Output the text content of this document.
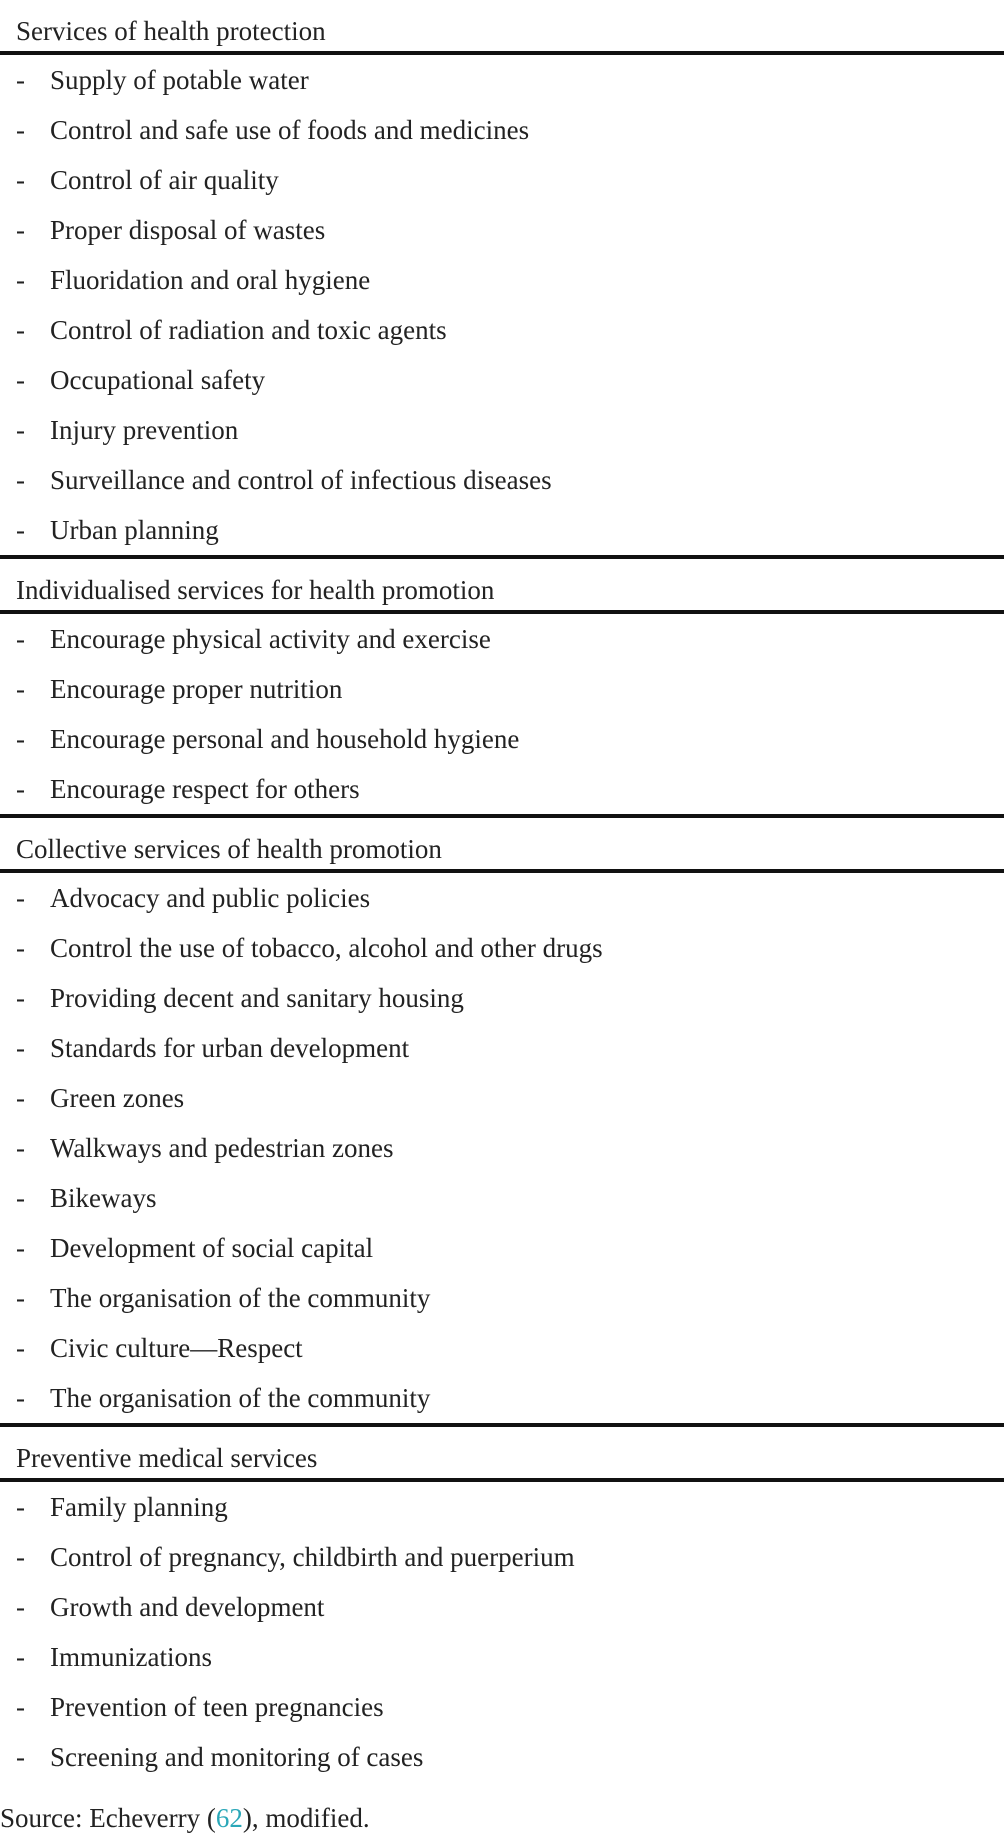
Services of health protection
- Supply of potable water
- Control and safe use of foods and medicines
- Control of air quality
- Proper disposal of wastes
- Fluoridation and oral hygiene
- Control of radiation and toxic agents
- Occupational safety
- Injury prevention
- Surveillance and control of infectious diseases
- Urban planning
Individualised services for health promotion
- Encourage physical activity and exercise
- Encourage proper nutrition
- Encourage personal and household hygiene
- Encourage respect for others
Collective services of health promotion
- Advocacy and public policies
- Control the use of tobacco, alcohol and other drugs
- Providing decent and sanitary housing
- Standards for urban development
- Green zones
- Walkways and pedestrian zones
- Bikeways
- Development of social capital
- The organisation of the community
- Civic culture—Respect
- The organisation of the community
Preventive medical services
- Family planning
- Control of pregnancy, childbirth and puerperium
- Growth and development
- Immunizations
- Prevention of teen pregnancies
- Screening and monitoring of cases
Source: Echeverry (62), modified.
